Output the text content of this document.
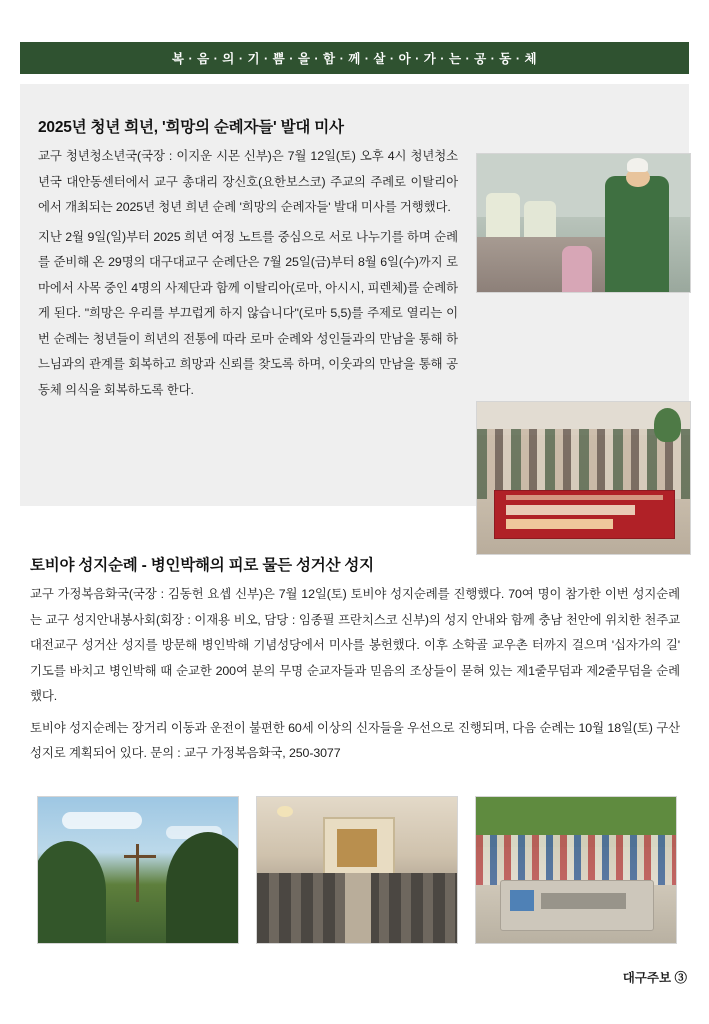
복 · 음 · 의 · 기 · 쁨 · 을 · 함 · 께 · 살 · 아 · 가 · 는 · 공 · 동 · 체
2025년 청년 희년, '희망의 순례자들' 발대 미사

교구 청년청소년국(국장 : 이지운 시몬 신부)은 7월 12일(토) 오후 4시 청년청소년국 대안동센터에서 교구 총대리 장신호(요한보스코) 주교의 주례로 이탈리아에서 개최되는 2025년 청년 희년 순례 '희망의 순례자들' 발대 미사를 거행했다.

지난 2월 9일(일)부터 2025 희년 여정 노트를 중심으로 서로 나누기를 하며 순례를 준비해 온 29명의 대구대교구 순례단은 7월 25일(금)부터 8월 6일(수)까지 로마에서 사목 중인 4명의 사제단과 함께 이탈리아(로마, 아시시, 피렌체)를 순례하게 된다. "희망은 우리를 부끄럽게 하지 않습니다"(로마 5,5)를 주제로 열리는 이번 순례는 청년들이 희년의 전통에 따라 로마 순례와 성인들과의 만남을 통해 하느님과의 관계를 회복하고 희망과 신뢰를 찾도록 하며, 이웃과의 만남을 통해 공동체 의식을 회복하도록 한다.

토비야 성지순례 - 병인박해의 피로 물든 성거산 성지

교구 가정복음화국(국장 : 김동헌 요셉 신부)은 7월 12일(토) 토비야 성지순례를 진행했다. 70여 명이 참가한 이번 성지순례는 교구 성지안내봉사회(회장 : 이재용 비오, 담당 : 임종필 프란치스코 신부)의 성지 안내와 함께 충남 천안에 위치한 천주교 대전교구 성거산 성지를 방문해 병인박해 기념성당에서 미사를 봉헌했다. 이후 소학골 교우촌 터까지 걸으며 '십자가의 길' 기도를 바치고 병인박해 때 순교한 200여 분의 무명 순교자들과 믿음의 조상들이 묻혀 있는 제1줄무덤과 제2줄무덤을 순례했다.

토비야 성지순례는 장거리 이동과 운전이 불편한 60세 이상의 신자들을 우선으로 진행되며, 다음 순례는 10월 18일(토) 구산성지로 계획되어 있다. 문의 : 교구 가정복음화국, 250-3077

대구주보 ③
